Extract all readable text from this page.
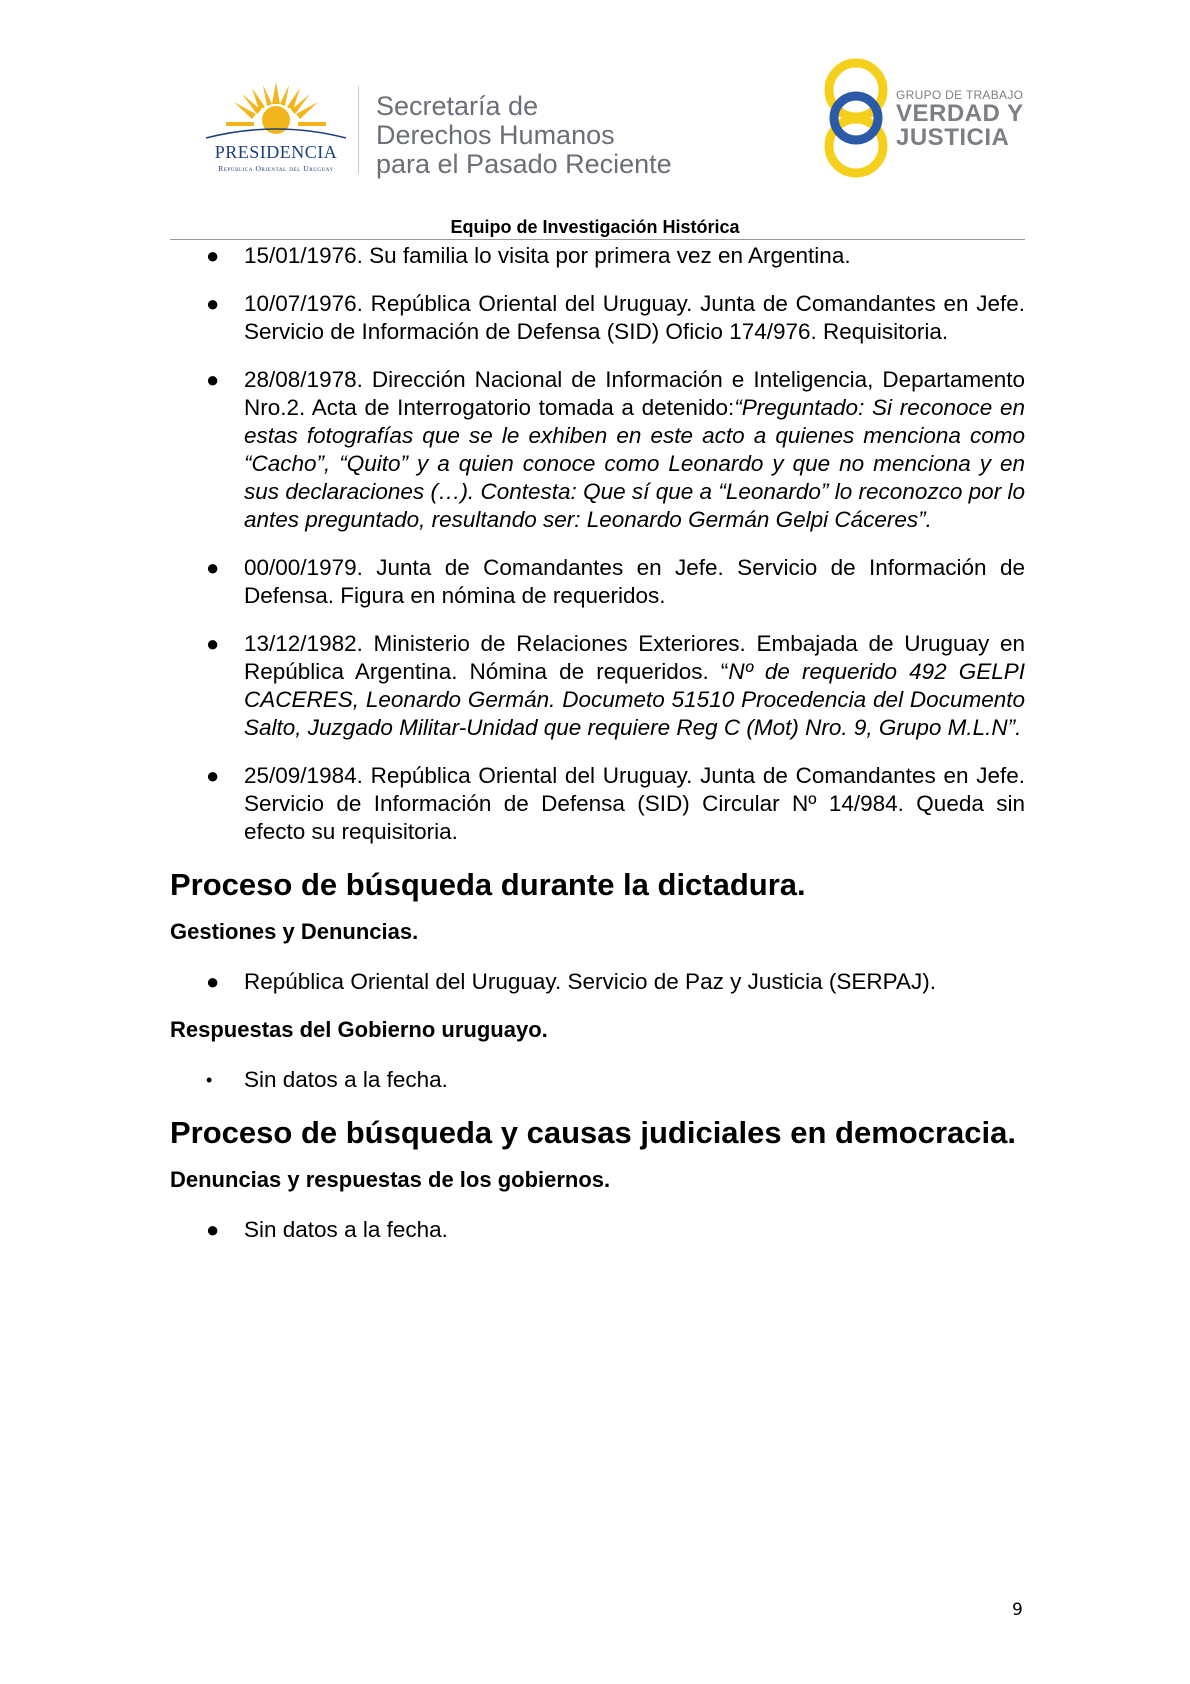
PRESIDENCIA
República Oriental del Uruguay
Secretaría de
Derechos Humanos
para el Pasado Reciente
GRUPO DE TRABAJO
VERDAD Y
JUSTICIA
Equipo de Investigación Histórica
● 15/01/1976. Su familia lo visita por primera vez en Argentina.
● 10/07/1976. República Oriental del Uruguay. Junta de Comandantes en Jefe. Servicio de Información de Defensa (SID) Oficio 174/976. Requisitoria.
● 28/08/1978. Dirección Nacional de Información e Inteligencia, Departamento Nro.2. Acta de Interrogatorio tomada a detenido:“Preguntado: Si reconoce en estas fotografías que se le exhiben en este acto a quienes menciona como “Cacho”, “Quito” y a quien conoce como Leonardo y que no menciona y en sus declaraciones (…). Contesta: Que sí que a “Leonardo” lo reconozco por lo antes preguntado, resultando ser: Leonardo Germán Gelpi Cáceres”.
● 00/00/1979. Junta de Comandantes en Jefe. Servicio de Información de Defensa. Figura en nómina de requeridos.
● 13/12/1982. Ministerio de Relaciones Exteriores. Embajada de Uruguay en República Argentina. Nómina de requeridos. “Nº de requerido 492 GELPI CACERES, Leonardo Germán. Documeto 51510 Procedencia del Documento Salto, Juzgado Militar-Unidad que requiere Reg C (Mot) Nro. 9, Grupo M.L.N”.
● 25/09/1984. República Oriental del Uruguay. Junta de Comandantes en Jefe. Servicio de Información de Defensa (SID) Circular Nº 14/984. Queda sin efecto su requisitoria.
Proceso de búsqueda durante la dictadura.
Gestiones y Denuncias.
● República Oriental del Uruguay. Servicio de Paz y Justicia (SERPAJ).
Respuestas del Gobierno uruguayo.
• Sin datos a la fecha.
Proceso de búsqueda y causas judiciales en democracia.
Denuncias y respuestas de los gobiernos.
● Sin datos a la fecha.
9
